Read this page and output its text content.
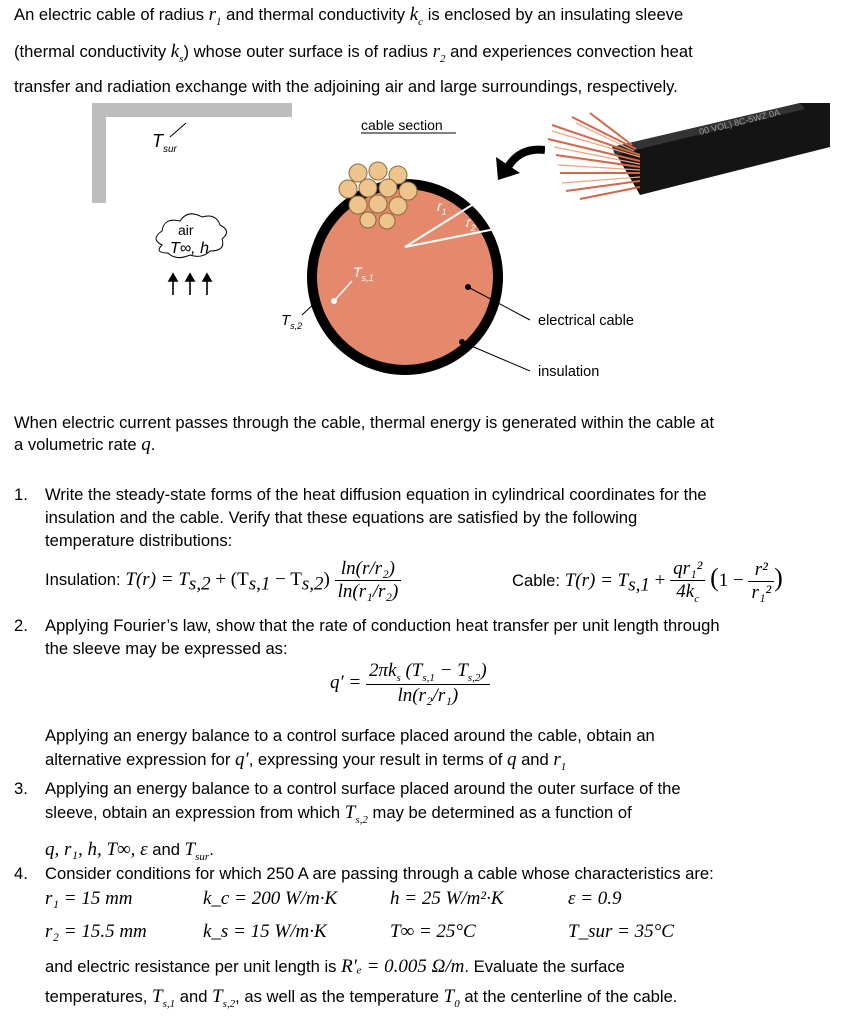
An electric cable of radius $r_1$ and thermal conductivity $k_c$ is enclosed by an insulating sleeve
(thermal conductivity $k_s$) whose outer surface is of radius $r_2$ and experiences convection heat
transfer and radiation exchange with the adjoining air and large surroundings, respectively.
$T_{sur}$
air
T∞, h
cable section
$r_1$
$r_2$
$T_{s,1}$
$T_{s,2}$	electrical cable
insulation
00 VOL) 8C-5WZ 0A
When electric current passes through the cable, thermal energy is generated within the cable at
a volumetric rate q.
1. Write the steady-state forms of the heat diffusion equation in cylindrical coordinates for the
insulation and the cable. Verify that these equations are satisfied by the following
temperature distributions:
Insulation: $T(r) = T_{s,2} + (T_{s,1} - T_{s,2}) \frac{\text{ln(r/r₂)}}{\text{ln(r₁/r₂)}}$	Cable: $T(r) = T_{s,1} + \frac{\text{qr₁²}}{4k_c} (1 - \frac{\text{r²}}{\text{r₁²}}$ )
2. Applying Fourier’s law, show that the rate of conduction heat transfer per unit length through
the sleeve may be expressed as:
$q' = \frac{2\pi k_s (T_{s,1} - T_{s,2})}{\text{ln(r₂/r₁)}}$
Applying an energy balance to a control surface placed around the cable, obtain an
alternative expression for q′, expressing your result in terms of q and $r_1$
3. Applying an energy balance to a control surface placed around the outer surface of the
sleeve, obtain an expression from which $T_{s,2}$ may be determined as a function of
q, r₁, h, T∞, ε and $T_{sur}$.
4. Consider conditions for which 250 A are passing through a cable whose characteristics are:
r₁ = 15 mm	k_c = 200 W/m·K	h = 25 W/m²·K	ε = 0.9
r₂ = 15.5 mm	k_s = 15 W/m·K	T∞ = 25°C	T_sur = 35°C
and electric resistance per unit length is R′ₑ = 0.005 Ω/m. Evaluate the surface
temperatures, $T_{s,1}$ and $T_{s,2}$, as well as the temperature $T_0$ at the centerline of the cable.
